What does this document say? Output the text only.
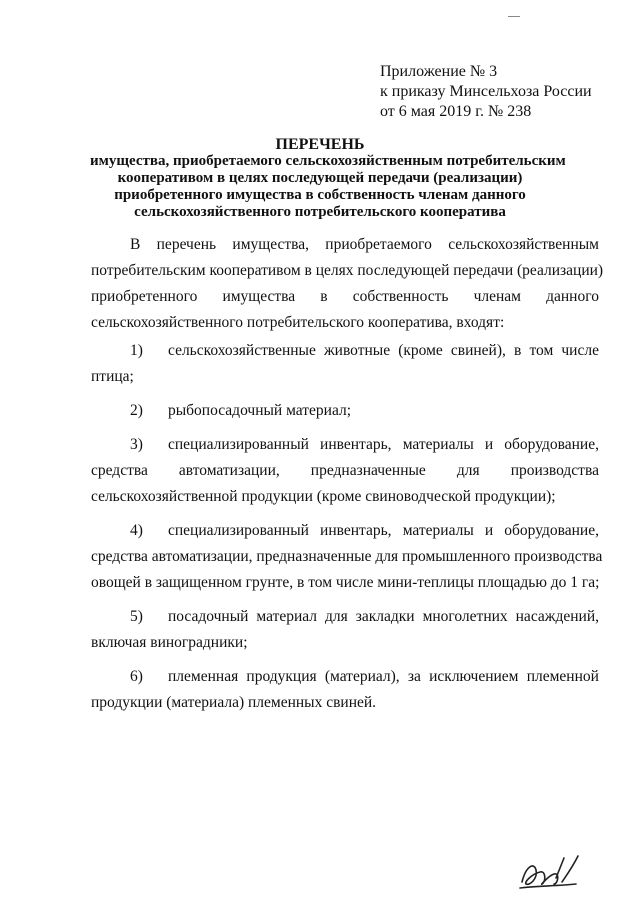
Приложение № 3
к приказу Минсельхоза России
от 6 мая 2019 г. № 238
ПЕРЕЧЕНЬ
имущества, приобретаемого сельскохозяйственным потребительским
кооперативом в целях последующей передачи (реализации)
приобретенного имущества в собственность членам данного
сельскохозяйственного потребительского кооператива
В перечень имущества, приобретаемого сельскохозяйственным
потребительским кооперативом в целях последующей передачи (реализации)
приобретенного имущества в собственность членам данного
сельскохозяйственного потребительского кооператива, входят:
1)	сельскохозяйственные животные (кроме свиней), в том числе
птица;
2)	рыбопосадочный материал;
3)	специализированный инвентарь, материалы и оборудование,
средства автоматизации, предназначенные для производства
сельскохозяйственной продукции (кроме свиноводческой продукции);
4)	специализированный инвентарь, материалы и оборудование,
средства автоматизации, предназначенные для промышленного производства
овощей в защищенном грунте, в том числе мини-теплицы площадью до 1 га;
5)	посадочный материал для закладки многолетних насаждений,
включая виноградники;
6)	племенная продукция (материал), за исключением племенной
продукции (материала) племенных свиней.
